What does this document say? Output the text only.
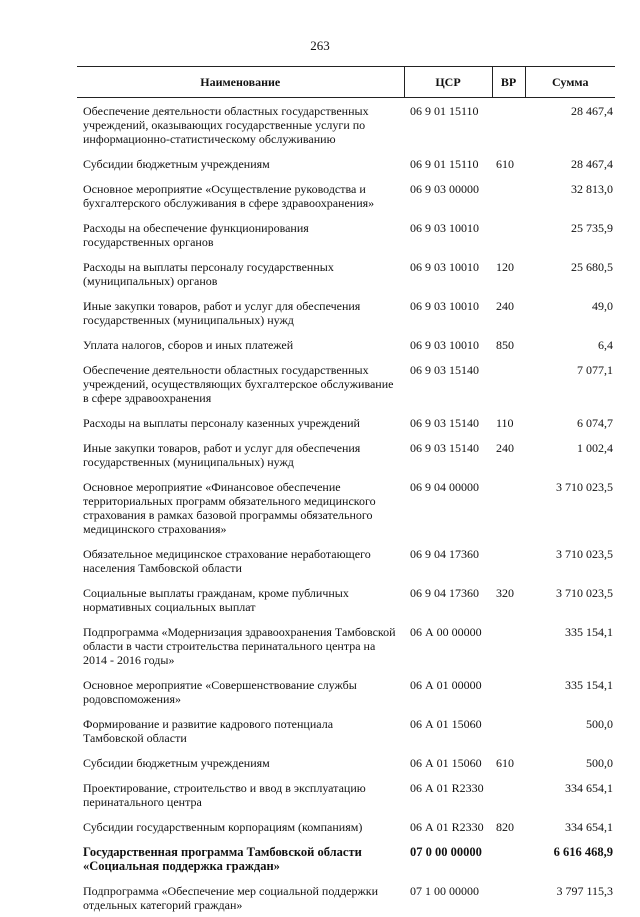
263
Наименование	ЦСР	ВР	Сумма
Обеспечение деятельности областных государственных учреждений, оказывающих государственные услуги по информационно-статистическому обслуживанию	06 9 01 15110		28 467,4
Субсидии бюджетным учреждениям	06 9 01 15110	610	28 467,4
Основное мероприятие «Осуществление руководства и бухгалтерского обслуживания в сфере здравоохранения»	06 9 03 00000		32 813,0
Расходы на обеспечение функционирования государственных органов	06 9 03 10010		25 735,9
Расходы на выплаты персоналу государственных (муниципальных) органов	06 9 03 10010	120	25 680,5
Иные закупки товаров, работ и услуг для обеспечения государственных (муниципальных) нужд	06 9 03 10010	240	49,0
Уплата налогов, сборов и иных платежей	06 9 03 10010	850	6,4
Обеспечение деятельности областных государственных учреждений, осуществляющих бухгалтерское обслуживание в сфере здравоохранения	06 9 03 15140		7 077,1
Расходы на выплаты персоналу казенных учреждений	06 9 03 15140	110	6 074,7
Иные закупки товаров, работ и услуг для обеспечения государственных (муниципальных) нужд	06 9 03 15140	240	1 002,4
Основное мероприятие «Финансовое обеспечение территориальных программ обязательного медицинского страхования в рамках базовой программы обязательного медицинского страхования»	06 9 04 00000		3 710 023,5
Обязательное медицинское страхование неработающего населения Тамбовской области	06 9 04 17360		3 710 023,5
Социальные выплаты гражданам, кроме публичных нормативных социальных выплат	06 9 04 17360	320	3 710 023,5
Подпрограмма «Модернизация здравоохранения Тамбовской области в части строительства перинатального центра на 2014 - 2016 годы»	06 А 00 00000		335 154,1
Основное мероприятие «Совершенствование службы родовспоможения»	06 А 01 00000		335 154,1
Формирование и развитие кадрового потенциала Тамбовской области	06 А 01 15060		500,0
Субсидии бюджетным учреждениям	06 А 01 15060	610	500,0
Проектирование, строительство и ввод в эксплуатацию перинатального центра	06 А 01 R2330		334 654,1
Субсидии государственным корпорациям (компаниям)	06 А 01 R2330	820	334 654,1
Государственная программа Тамбовской области «Социальная поддержка граждан»	07 0 00 00000		6 616 468,9
Подпрограмма «Обеспечение мер социальной поддержки отдельных категорий граждан»	07 1 00 00000		3 797 115,3
